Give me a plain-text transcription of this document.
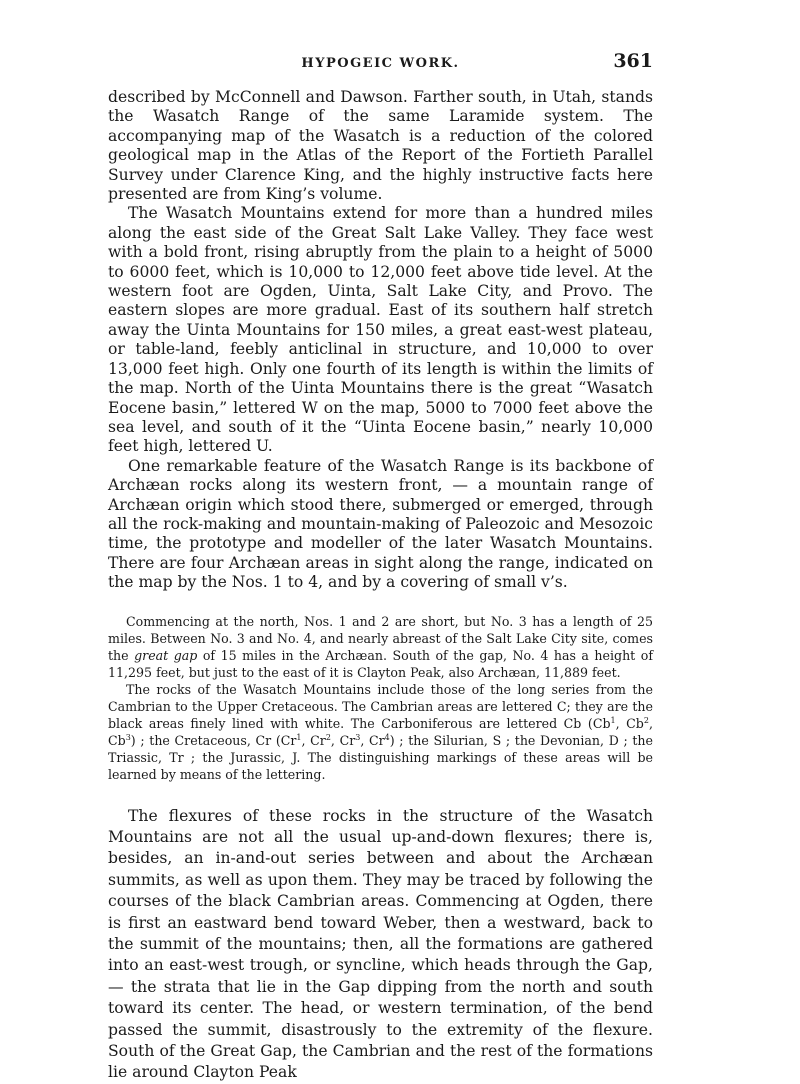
HYPOGEIC WORK.	361

described by McConnell and Dawson. Farther south, in Utah, stands the Wasatch Range of the same Laramide system. The accompanying map of the Wasatch is a reduction of the colored geological map in the Atlas of the Report of the Fortieth Parallel Survey under Clarence King, and the highly instructive facts here presented are from King’s volume.

The Wasatch Mountains extend for more than a hundred miles along the east side of the Great Salt Lake Valley. They face west with a bold front, rising abruptly from the plain to a height of 5000 to 6000 feet, which is 10,000 to 12,000 feet above tide level. At the western foot are Ogden, Uinta, Salt Lake City, and Provo. The eastern slopes are more gradual. East of its southern half stretch away the Uinta Mountains for 150 miles, a great east-west plateau, or table-land, feebly anticlinal in structure, and 10,000 to over 13,000 feet high. Only one fourth of its length is within the limits of the map. North of the Uinta Mountains there is the great “Wasatch Eocene basin,” lettered W on the map, 5000 to 7000 feet above the sea level, and south of it the “Uinta Eocene basin,” nearly 10,000 feet high, lettered U.

One remarkable feature of the Wasatch Range is its backbone of Archæan rocks along its western front, — a mountain range of Archæan origin which stood there, submerged or emerged, through all the rock-making and mountain-making of Paleozoic and Mesozoic time, the prototype and modeller of the later Wasatch Mountains. There are four Archæan areas in sight along the range, indicated on the map by the Nos. 1 to 4, and by a covering of small v’s.

Commencing at the north, Nos. 1 and 2 are short, but No. 3 has a length of 25 miles. Between No. 3 and No. 4, and nearly abreast of the Salt Lake City site, comes the great gap of 15 miles in the Archæan. South of the gap, No. 4 has a height of 11,295 feet, but just to the east of it is Clayton Peak, also Archæan, 11,889 feet.

The rocks of the Wasatch Mountains include those of the long series from the Cambrian to the Upper Cretaceous. The Cambrian areas are lettered C; they are the black areas finely lined with white. The Carboniferous are lettered Cb (Cb$^1$, Cb$^2$, Cb$^3$) ; the Cretaceous, Cr (Cr$^1$, Cr$^2$, Cr$^3$, Cr$^4$) ; the Silurian, S ; the Devonian, D ; the Triassic, Tr ; the Jurassic, J. The distinguishing markings of these areas will be learned by means of the lettering.

The flexures of these rocks in the structure of the Wasatch Mountains are not all the usual up-and-down flexures; there is, besides, an in-and-out series between and about the Archæan summits, as well as upon them. They may be traced by following the courses of the black Cambrian areas. Commencing at Ogden, there is first an eastward bend toward Weber, then a westward, back to the summit of the mountains; then, all the formations are gathered into an east-west trough, or syncline, which heads through the Gap, — the strata that lie in the Gap dipping from the north and south toward its center. The head, or western termination, of the bend passed the summit, disastrously to the extremity of the flexure. South of the Great Gap, the Cambrian and the rest of the formations lie around Clayton Peak
